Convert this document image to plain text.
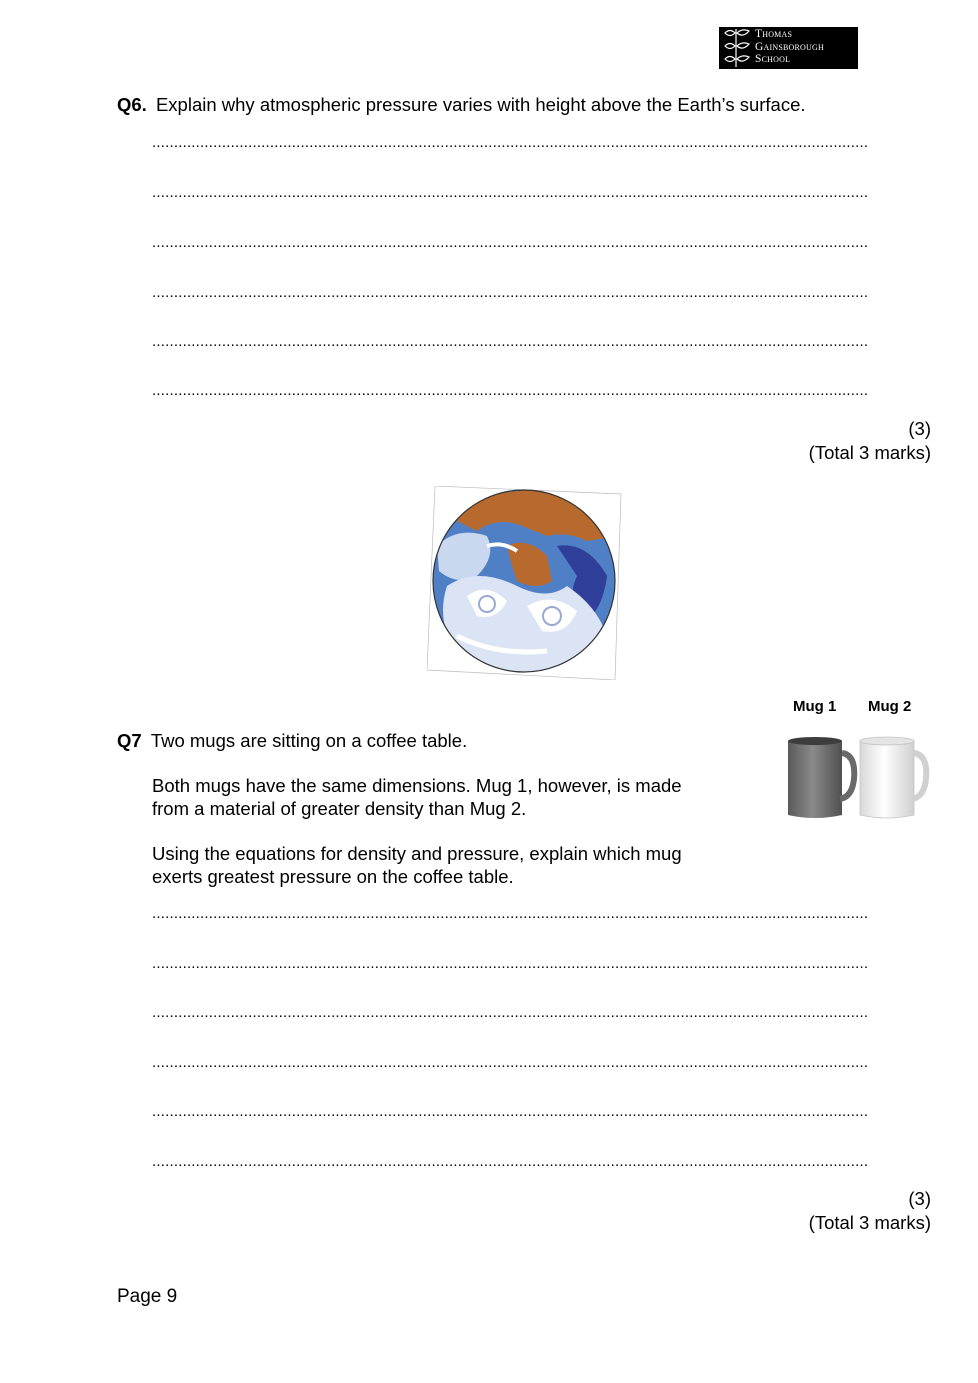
Thomas
Gainsborough
School
Q6. Explain why atmospheric pressure varies with height above the Earth’s surface.
....................................................................................................................................................................
....................................................................................................................................................................
....................................................................................................................................................................
....................................................................................................................................................................
....................................................................................................................................................................
....................................................................................................................................................................
(3)
(Total 3 marks)
Mug 1 Mug 2
Q7 Two mugs are sitting on a coffee table.
Both mugs have the same dimensions. Mug 1, however, is made
from a material of greater density than Mug 2.
Using the equations for density and pressure, explain which mug
exerts greatest pressure on the coffee table.
....................................................................................................................................................................
....................................................................................................................................................................
....................................................................................................................................................................
....................................................................................................................................................................
....................................................................................................................................................................
....................................................................................................................................................................
(3)
(Total 3 marks)
Page 9
